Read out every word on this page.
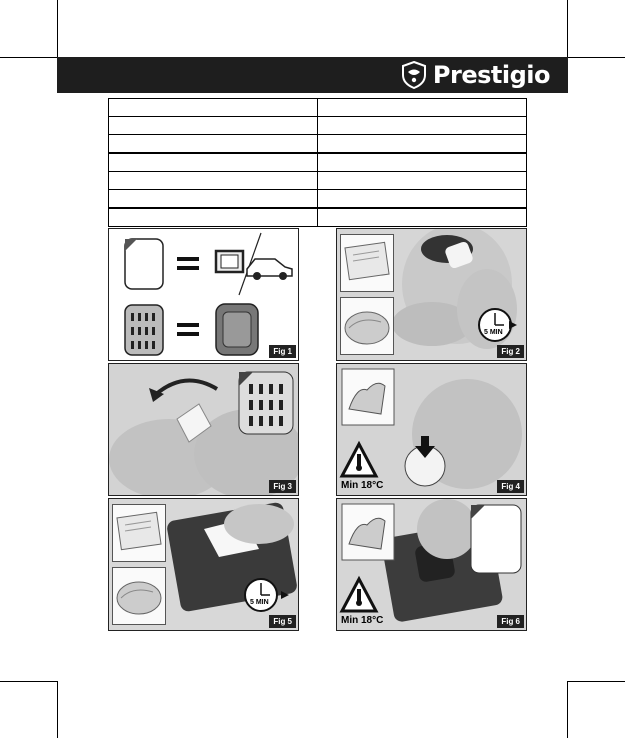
Prestigio
Fig 1
5 MIN
Fig 2
Fig 3	Min 18°C	Fig 4
5 MIN
Fig 5	Min 18°C	Fig 6
